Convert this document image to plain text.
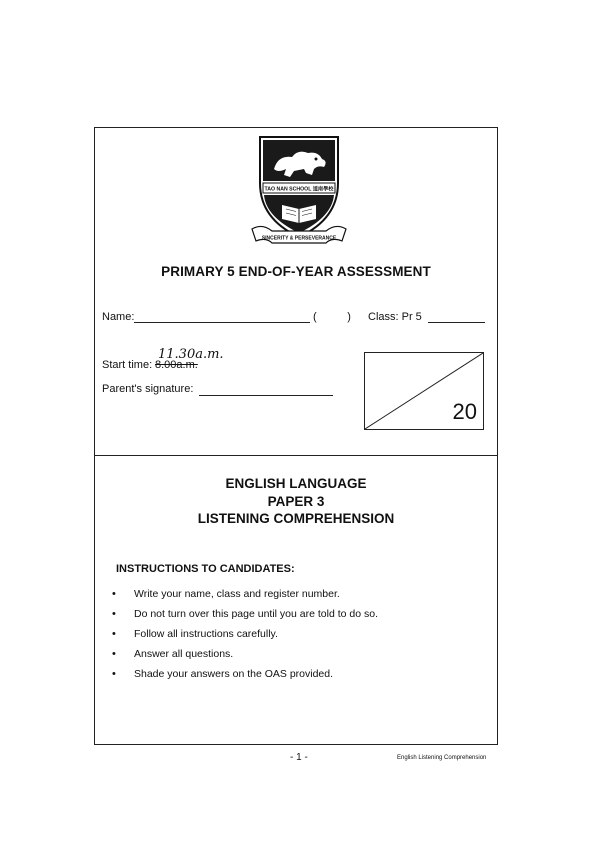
TAO NAN SCHOOL 道南學校
SINCERITY & PERSEVERANCE
PRIMARY 5 END-OF-YEAR ASSESSMENT
Name:	(          ) Class: Pr 5
11.30a.m.
Start time: 8.00a.m.
Parent's signature:
20
ENGLISH LANGUAGE
PAPER 3
LISTENING COMPREHENSION
INSTRUCTIONS TO CANDIDATES:
• Write your name, class and register number.
• Do not turn over this page until you are told to do so.
• Follow all instructions carefully.
• Answer all questions.
• Shade your answers on the OAS provided.
- 1 -	English Listening Comprehension
